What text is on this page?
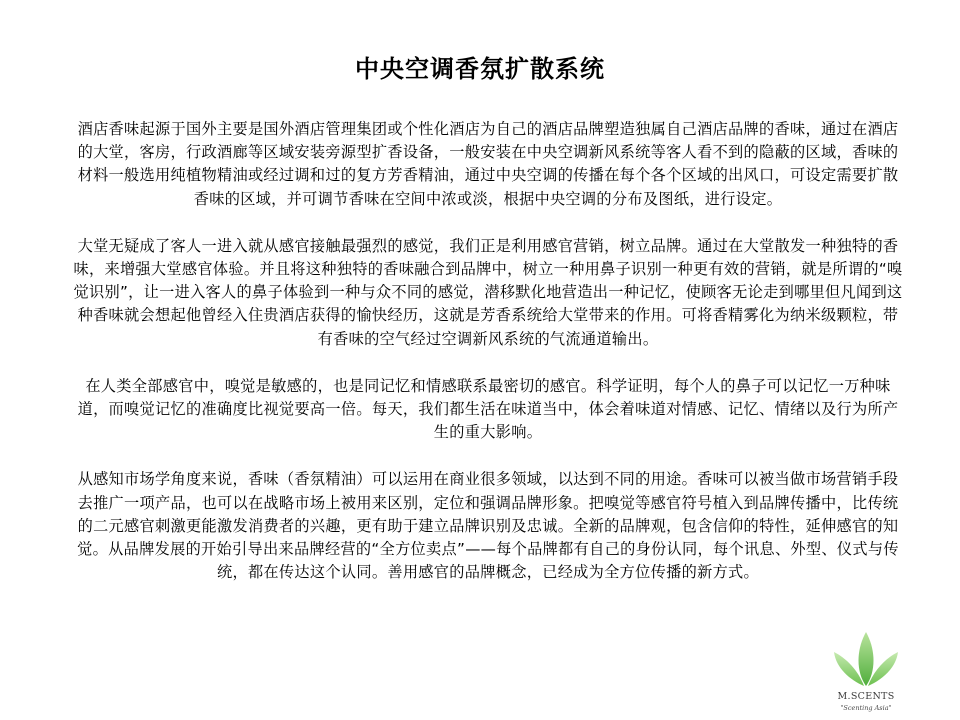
中央空调香氛扩散系统

酒店香味起源于国外主要是国外酒店管理集团或个性化酒店为自己的酒店品牌塑造独属自己酒店品牌的香味，通过在酒店的大堂，客房，行政酒廊等区域安装旁源型扩香设备，一般安装在中央空调新风系统等客人看不到的隐蔽的区域，香味的材料一般选用纯植物精油或经过调和过的复方芳香精油，通过中央空调的传播在每个各个区域的出风口，可设定需要扩散香味的区域，并可调节香味在空间中浓或淡，根据中央空调的分布及图纸，进行设定。

大堂无疑成了客人一进入就从感官接触最强烈的感觉，我们正是利用感官营销，树立品牌。通过在大堂散发一种独特的香味，来增强大堂感官体验。并且将这种独特的香味融合到品牌中，树立一种用鼻子识别一种更有效的营销，就是所谓的“嗅觉识别”，让一进入客人的鼻子体验到一种与众不同的感觉，潜移默化地营造出一种记忆，使顾客无论走到哪里但凡闻到这种香味就会想起他曾经入住贵酒店获得的愉快经历，这就是芳香系统给大堂带来的作用。可将香精雾化为纳米级颗粒，带有香味的空气经过空调新风系统的气流通道输出。

在人类全部感官中，嗅觉是敏感的，也是同记忆和情感联系最密切的感官。科学证明，每个人的鼻子可以记忆一万种味道，而嗅觉记忆的准确度比视觉要高一倍。每天，我们都生活在味道当中，体会着味道对情感、记忆、情绪以及行为所产生的重大影响。

从感知市场学角度来说，香味（香氛精油）可以运用在商业很多领域，以达到不同的用途。香味可以被当做市场营销手段去推广一项产品，也可以在战略市场上被用来区别，定位和强调品牌形象。把嗅觉等感官符号植入到品牌传播中，比传统的二元感官刺激更能激发消费者的兴趣，更有助于建立品牌识别及忠诚。全新的品牌观，包含信仰的特性，延伸感官的知觉。从品牌发展的开始引导出来品牌经营的“全方位卖点”——每个品牌都有自己的身份认同，每个讯息、外型、仪式与传统，都在传达这个认同。善用感官的品牌概念，已经成为全方位传播的新方式。

M.SCENTS
"Scenting Asia"
